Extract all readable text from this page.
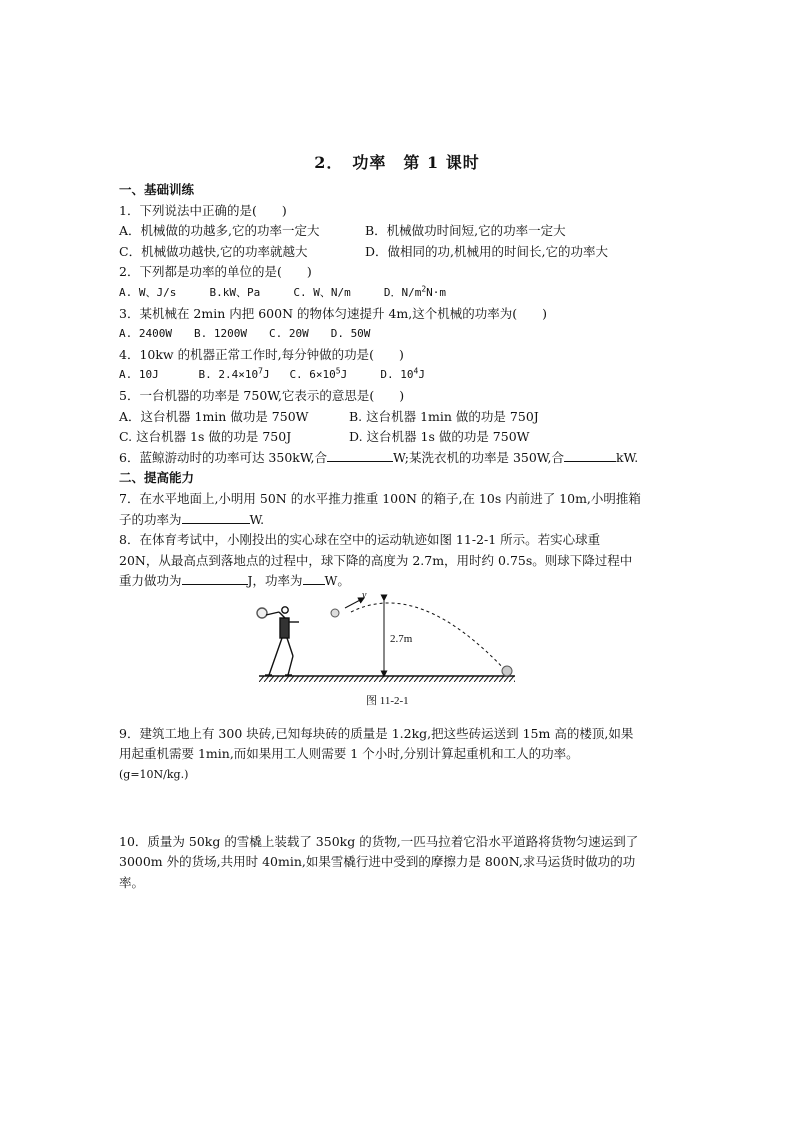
2．　功率　第 1 课时
一、基础训练
1．下列说法中正确的是(　　)
A．机械做的功越多,它的功率一定大	B．机械做功时间短,它的功率一定大
C．机械做功越快,它的功率就越大	D．做相同的功,机械用的时间长,它的功率大
2．下列都是功率的单位的是(　　)
A. W、J/s	B.kW、Pa	C. W、N/m	D．$N/m^2N\cdot m$
3．某机械在 2min 内把 600N 的物体匀速提升 4m,这个机械的功率为(　　)
A. 2400W　　B. 1200W　　C. 20W　　D. 50W
4．10kw 的机器正常工作时,每分钟做的功是(　　)
A. 10J	B. $2.4\times 10^7J$ C. $6\times 10^5J$	D. $10^4J$
5．一台机器的功率是 750W,它表示的意思是(　　)
A．这台机器 1min 做功是 750W	B. 这台机器 1min 做的功是 750J
C. 这台机器 1s 做的功是 750J	D. 这台机器 1s 做的功是 750W
6．蓝鲸游动时的功率可达 350kW,合	W;某洗衣机的功率是 350W,合	kW.
二、提高能力
7．在水平地面上,小明用 50N 的水平推力推重 100N 的箱子,在 10s 内前进了 10m,小明推箱
子的功率为	W.
8．在体育考试中，小刚投出的实心球在空中的运动轨迹如图 11-2-1 所示。若实心球重
20N，从最高点到落地点的过程中，球下降的高度为 2.7m，用时约 0.75s。则球下降过程中
重力做功为	J，功率为 W。
2.7m
v
图 11-2-1
9．建筑工地上有 300 块砖,已知每块砖的质量是 1.2kg,把这些砖运送到 15m 高的楼顶,如果
用起重机需要 1min,而如果用工人则需要 1 个小时,分别计算起重机和工人的功率。
(g=10N/kg.)
10．质量为 50kg 的雪橇上装载了 350kg 的货物,一匹马拉着它沿水平道路将货物匀速运到了
3000m 外的货场,共用时 40min,如果雪橇行进中受到的摩擦力是 800N,求马运货时做功的功
率。
